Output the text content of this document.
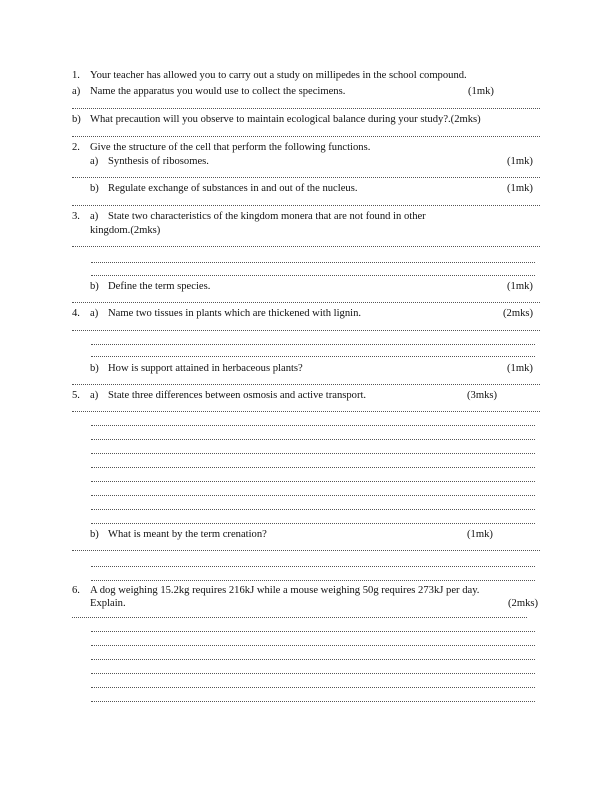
1. Your teacher has allowed you to carry out a study on millipedes in the school compound.
a) Name the apparatus you would use to collect the specimens.	(1mk)
b) What precaution will you observe to maintain ecological balance during your study?.(2mks)
2. Give the structure of the cell that perform the following functions.
a) Synthesis of ribosomes.	(1mk)
b) Regulate exchange of substances in and out of the nucleus.	(1mk)
3. a) State two characteristics of the kingdom monera that are not found in other
kingdom.(2mks)
b) Define the term species.	(1mk)
4. a) Name two tissues in plants which are thickened with lignin.	(2mks)
b) How is support attained in herbaceous plants?	(1mk)
5. a) State three differences between osmosis and active transport.	(3mks)
b) What is meant by the term crenation?	(1mk)
6. A dog weighing 15.2kg requires 216kJ while a mouse weighing 50g requires 273kJ per day.
Explain.	(2mks)
